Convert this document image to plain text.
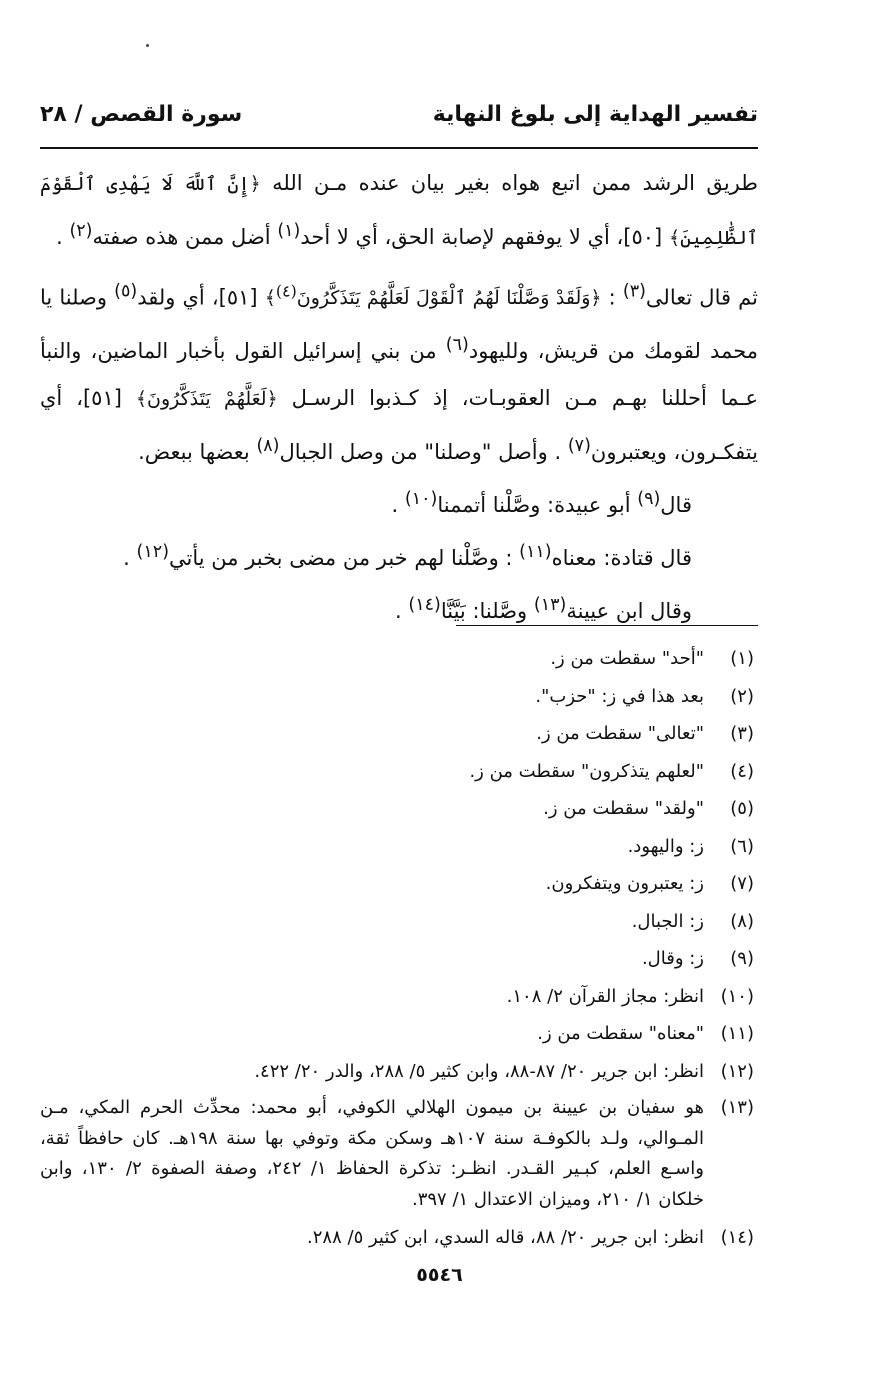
تفسير الهداية إلى بلوغ النهاية
سورة القصص / ٢٨

طريق الرشد ممن اتبع هواه بغير بيان عنده مـن الله ﴿إِنَّ ٱللَّهَ لَا يَهْدِى ٱلْقَوْمَ ٱلظَّٰلِمِينَ﴾ [٥٠]، أي لا يوفقهم لإصابة الحق، أي لا أحد$^{(١)}$ أضل ممن هذه صفته$^{(٢)}$ .

ثم قال تعالى$^{(٣)}$ : ﴿وَلَقَدْ وَصَّلْنَا لَهُمُ ٱلْقَوْلَ لَعَلَّهُمْ يَتَذَكَّرُونَ$^{(٤)}$﴾ [٥١]، أي ولقد$^{(٥)}$ وصلنا يا محمد لقومك من قريش، ولليهود$^{(٦)}$ من بني إسرائيل القول بأخبار الماضين، والنبأ عـما أحللنا بهـم مـن العقوبـات، إذ كـذبوا الرسـل ﴿لَعَلَّهُمْ يَتَذَكَّرُونَ﴾ [٥١]، أي يتفكـرون، ويعتبرون$^{(٧)}$ . وأصل "وصلنا" من وصل الجبال$^{(٨)}$ بعضها ببعض.

قال$^{(٩)}$ أبو عبيدة: وصَّلْنا أتممنا$^{(١٠)}$ .

قال قتادة: معناه$^{(١١)}$ : وصَّلْنا لهم خبر من مضى بخبر من يأتي$^{(١٢)}$ .

وقال ابن عيينة$^{(١٣)}$ وصَّلنا: بَيَّنَّا$^{(١٤)}$ .

(١)
"أحد" سقطت من ز.

(٢)
بعد هذا في ز: "حزب".

(٣)
"تعالى" سقطت من ز.

(٤)
"لعلهم يتذكرون" سقطت من ز.

(٥)
"ولقد" سقطت من ز.

(٦)
ز: واليهود.

(٧)
ز: يعتبرون ويتفكرون.

(٨)
ز: الجبال.

(٩)
ز: وقال.

(١٠)
انظر: مجاز القرآن ٢/ ١٠٨.

(١١)
"معناه" سقطت من ز.

(١٢)
انظر: ابن جرير ٢٠/ ٨٧-٨٨، وابن كثير ٥/ ٢٨٨، والدر ٢٠/ ٤٢٢.

(١٣)
هو سفيان بن عيينة بن ميمون الهلالي الكوفي، أبو محمد: محدِّث الحرم المكي، مـن المـوالي، ولـد بالكوفـة سنة ١٠٧هـ وسكن مكة وتوفي بها سنة ١٩٨هـ. كان حافظاً ثقة، واسـع العلم، كبـير القـدر. انظـر: تذكرة الحفاظ ١/ ٢٤٢، وصفة الصفوة ٢/ ١٣٠، وابن خلكان ١/ ٢١٠، وميزان الاعتدال ١/ ٣٩٧.

(١٤)
انظر: ابن جرير ٢٠/ ٨٨، قاله السدي، ابن كثير ٥/ ٢٨٨.

٥٥٤٦
